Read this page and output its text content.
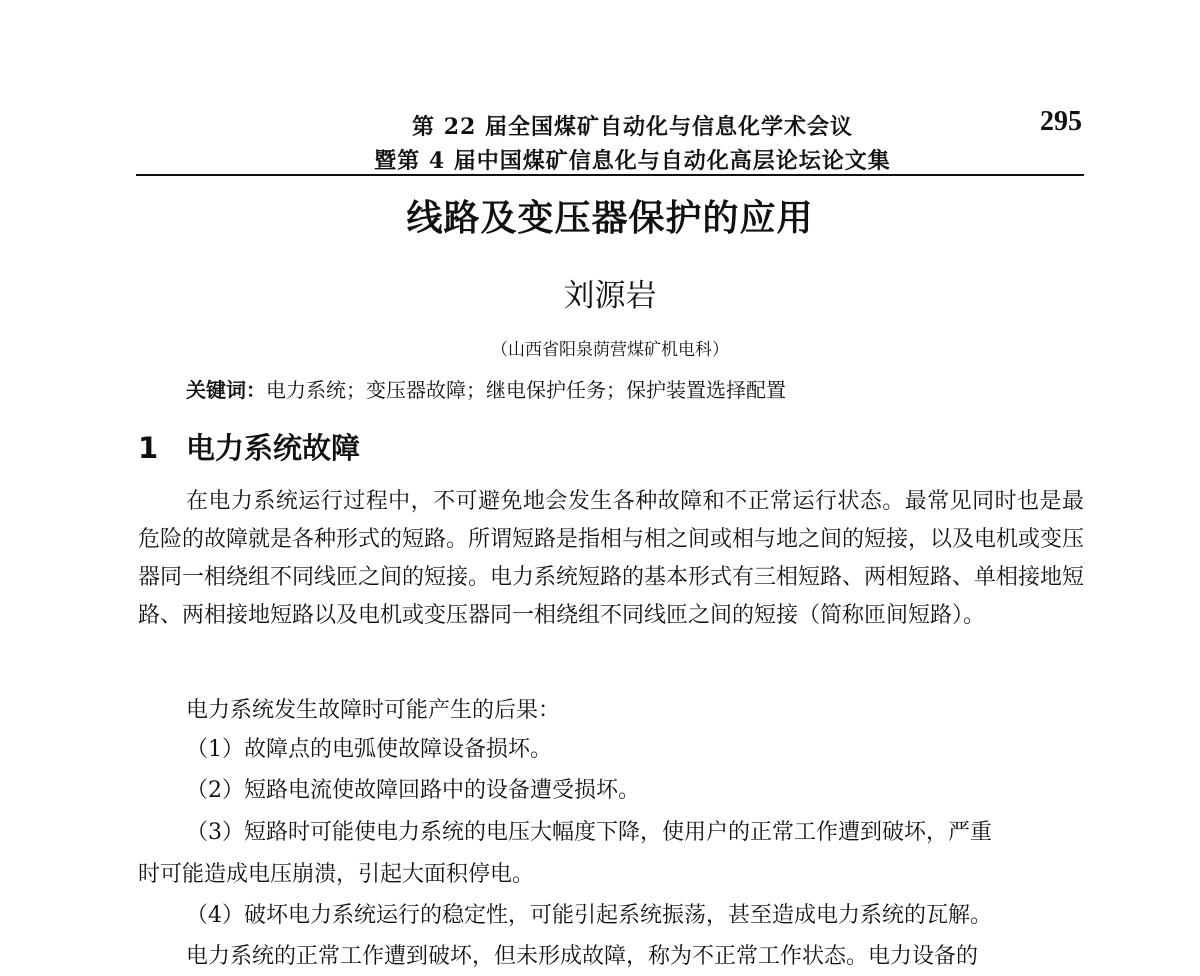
第 22 届全国煤矿自动化与信息化学术会议
暨第 4 届中国煤矿信息化与自动化高层论坛论文集
295
线路及变压器保护的应用
刘源岩
（山西省阳泉荫营煤矿机电科）
关键词：电力系统；变压器故障；继电保护任务；保护装置选择配置
1 电力系统故障
在电力系统运行过程中，不可避免地会发生各种故障和不正常运行状态。最常见同时也是最危险的故障就是各种形式的短路。所谓短路是指相与相之间或相与地之间的短接，以及电机或变压器同一相绕组不同线匝之间的短接。电力系统短路的基本形式有三相短路、两相短路、单相接地短路、两相接地短路以及电机或变压器同一相绕组不同线匝之间的短接（简称匝间短路）。
电力系统发生故障时可能产生的后果：
（1）故障点的电弧使故障设备损坏。
（2）短路电流使故障回路中的设备遭受损坏。
（3）短路时可能使电力系统的电压大幅度下降，使用户的正常工作遭到破坏，严重
时可能造成电压崩溃，引起大面积停电。
（4）破坏电力系统运行的稳定性，可能引起系统振荡，甚至造成电力系统的瓦解。
电力系统的正常工作遭到破坏，但未形成故障，称为不正常工作状态。电力设备的
